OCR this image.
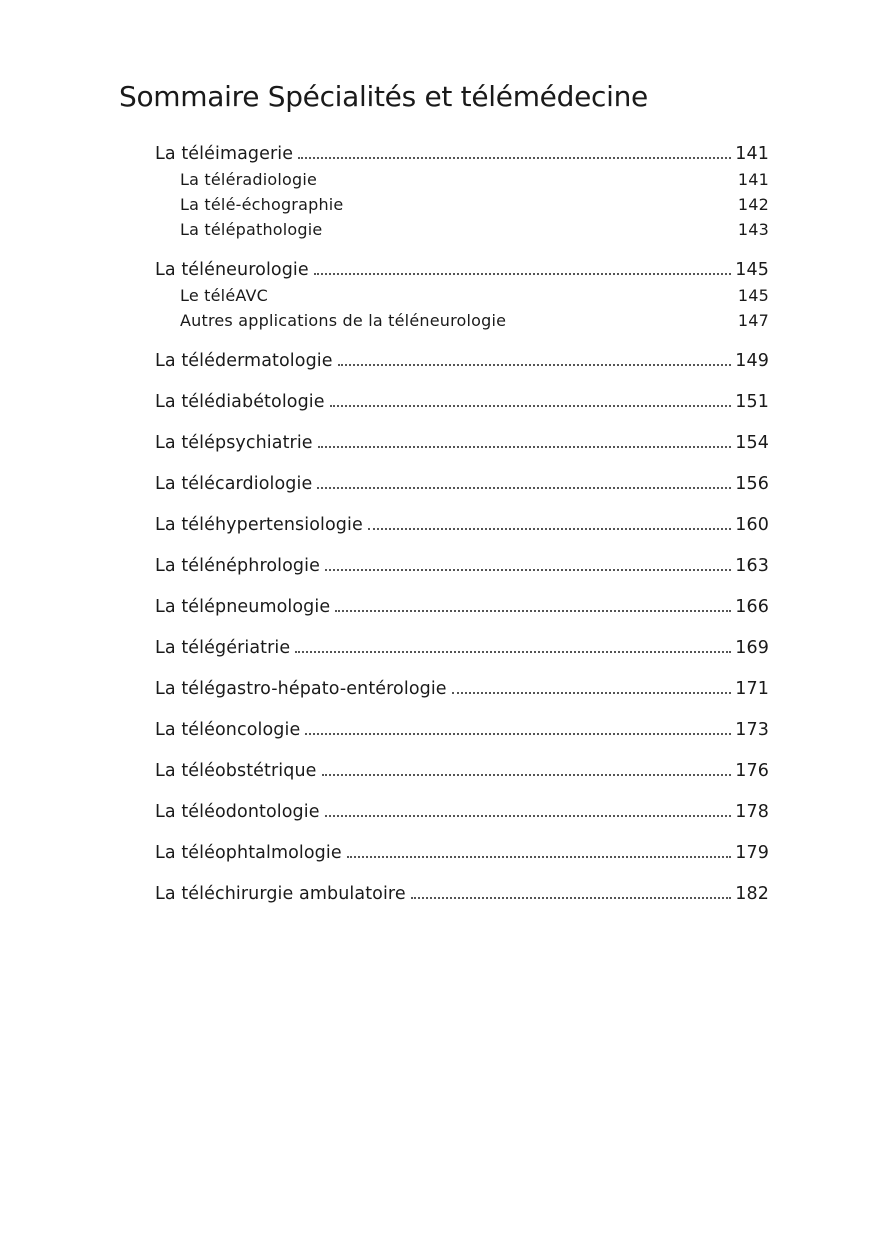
Sommaire Spécialités et télémédecine
La téléimagerie	141
La téléradiologie	141
La télé-échographie	142
La télépathologie	143
La téléneurologie	145
Le téléAVC	145
Autres applications de la téléneurologie	147
La télédermatologie	149
La télédiabétologie	151
La télépsychiatrie	154
La télécardiologie	156
La téléhypertensiologie	160
La télénéphrologie	163
La télépneumologie	166
La télégériatrie	169
La télégastro-hépato-entérologie	171
La téléoncologie	173
La téléobstétrique	176
La téléodontologie	178
La téléophtalmologie	179
La téléchirurgie ambulatoire	182
